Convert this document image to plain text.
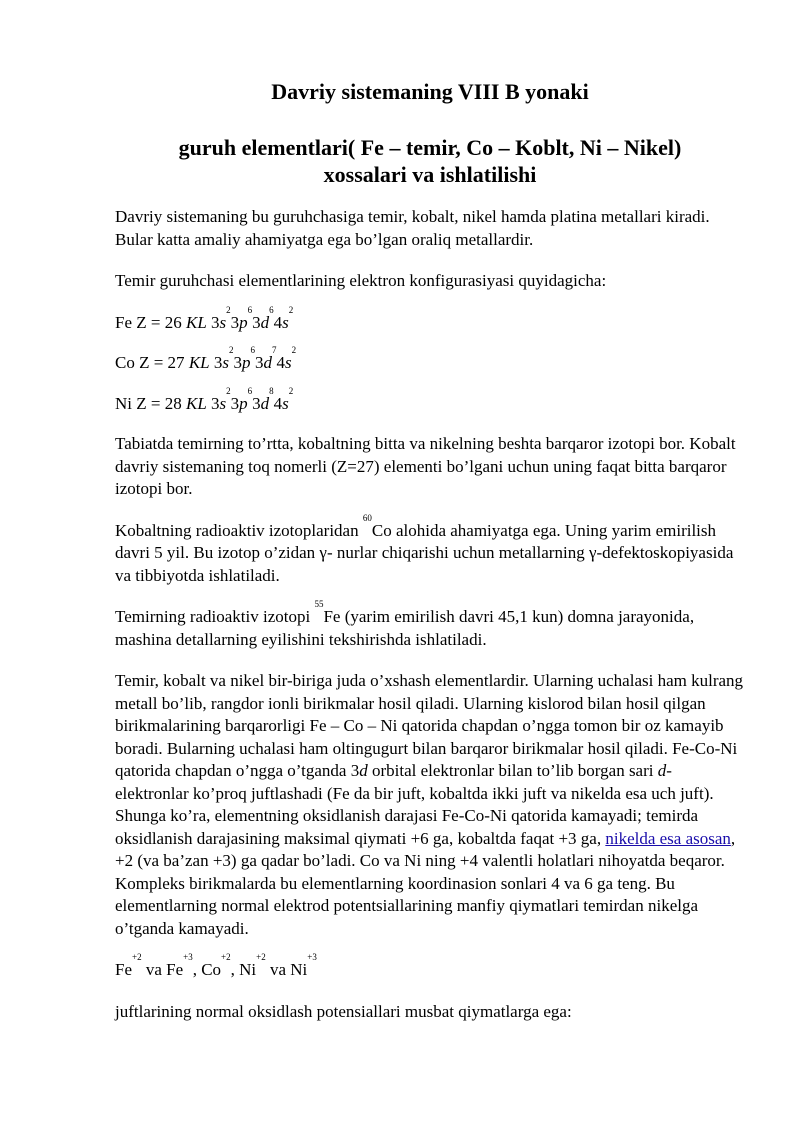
Davriy sistemaning VIII B yonaki
guruh elementlari( Fe – temir, Co – Koblt, Ni – Nikel) xossalari va ishlatilishi

Davriy sistemaning bu guruhchasiga temir, kobalt, nikel hamda platina metallari kiradi. Bular katta amaliy ahamiyatga ega bo’lgan oraliq metallardir.

Temir guruhchasi elementlarining elektron konfigurasiyasi quyidagicha:

Fe Z = 26 KL $3s^23p^63d^64s^2$

Co Z = 27 KL $3s^23p^63d^74s^2$

Ni Z = 28 KL $3s^23p^63d^84s^2$

Tabiatda temirning to’rtta, kobaltning bitta va nikelning beshta barqaror izotopi bor. Kobalt davriy sistemaning toq nomerli (Z=27) elementi bo’lgani uchun uning faqat bitta barqaror izotopi bor.

Kobaltning radioaktiv izotoplaridan $^{60}$Co alohida ahamiyatga ega. Uning yarim emirilish davri 5 yil. Bu izotop o’zidan γ- nurlar chiqarishi uchun metallarning γ-defektoskopiyasida va tibbiyotda ishlatiladi.

Temirning radioaktiv izotopi $^{55}$Fe (yarim emirilish davri 45,1 kun) domna jarayonida, mashina detallarning eyilishini tekshirishda ishlatiladi.

Temir, kobalt va nikel bir-biriga juda o’xshash elementlardir. Ularning uchalasi ham kulrang metall bo’lib, rangdor ionli birikmalar hosil qiladi. Ularning kislorod bilan hosil qilgan birikmalarining barqarorligi Fe – Co – Ni qatorida chapdan o’ngga tomon bir oz kamayib boradi. Bularning uchalasi ham oltingugurt bilan barqaror birikmalar hosil qiladi. Fe-Co-Ni qatorida chapdan o’ngga o’tganda 3d orbital elektronlar bilan to’lib borgan sari d- elektronlar ko’proq juftlashadi (Fe da bir juft, kobaltda ikki juft va nikelda esa uch juft). Shunga ko’ra, elementning oksidlanish darajasi Fe-Co-Ni qatorida kamayadi; temirda oksidlanish darajasining maksimal qiymati +6 ga, kobaltda faqat +3 ga, nikelda esa asosan, +2 (va ba’zan +3) ga qadar bo’ladi. Co va Ni ning +4 valentli holatlari nihoyatda beqaror. Kompleks birikmalarda bu elementlarning koordinasion sonlari 4 va 6 ga teng. Bu elementlarning normal elektrod potentsiallarining manfiy qiymatlari temirdan nikelga o’tganda kamayadi.

$Fe^{+2}$ va $Fe^{+3}$, $Co^{+2}$, $Ni^{+2}$ va $Ni^{+3}$

juftlarining normal oksidlash potensiallari musbat qiymatlarga ega:
